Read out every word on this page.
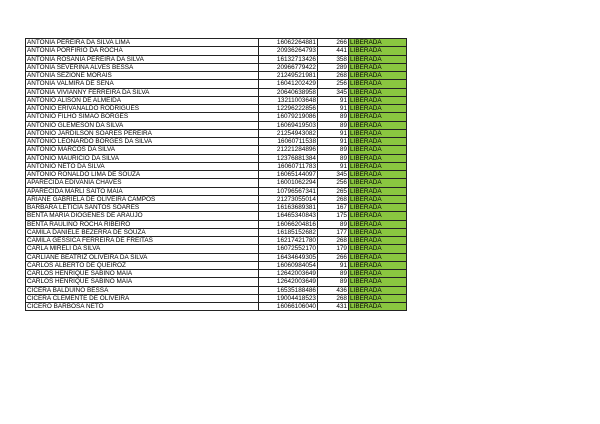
ANTONIA PEREIRA DA SILVA LIMA	16062264881	266	LIBERADA
ANTONIA PORFIRIO DA ROCHA	20936264793	441	LIBERADA
ANTONIA ROSANIA PEREIRA DA SILVA	16132713426	358	LIBERADA
ANTONIA SEVERINA ALVES BESSA	20966779422	289	LIBERADA
ANTONIA SEZIONE MORAIS	21249521981	268	LIBERADA
ANTONIA VALMIRA DE SENA	16041202429	256	LIBERADA
ANTONIA VIVIANNY FERREIRA DA SILVA	20640638958	345	LIBERADA
ANTONIO ALISON DE ALMEIDA	13211003648	91	LIBERADA
ANTONIO ERIVANALDO RODRIGUES	12296222856	91	LIBERADA
ANTONIO FILHO SIMAO BORGES	16079219086	89	LIBERADA
ANTONIO GLEMESON DA SILVA	16069419503	89	LIBERADA
ANTONIO JARDILSON SOARES PEREIRA	21254943082	91	LIBERADA
ANTONIO LEONARDO BORGES DA SILVA	16060711538	91	LIBERADA
ANTONIO MARCOS DA SILVA	21221284896	89	LIBERADA
ANTONIO MAURICIO DA SILVA	12376881384	89	LIBERADA
ANTONIO NETO DA SILVA	16060711783	91	LIBERADA
ANTONIO RONALDO LIMA DE SOUZA	16065144097	345	LIBERADA
APARECIDA EDIVANIA CHAVES	16001062294	256	LIBERADA
APARECIDA MARLI SAITO MAIA	10796567341	265	LIBERADA
ARIANE GABRIELA DE OLIVEIRA CAMPOS	21273055014	268	LIBERADA
BARBARA LETICIA SANTOS SOARES	16163689381	167	LIBERADA
BENTA MARIA DIOGENES DE ARAUJO	16465340843	175	LIBERADA
BENTA RAULINO ROCHA RIBEIRO	16066204816	89	LIBERADA
CAMILA DANIELE BEZERRA DE SOUZA	16185152682	177	LIBERADA
CAMILA GESSICA FERREIRA DE FREITAS	16217421780	268	LIBERADA
CARLA MIRELI DA SILVA	16072552170	179	LIBERADA
CARLIANE BEATRIZ OLIVEIRA DA SILVA	16434649305	266	LIBERADA
CARLOS ALBERTO DE QUEIROZ	16060984054	91	LIBERADA
CARLOS HENRIQUE SABINO MAIA	12642003649	89	LIBERADA
CARLOS HENRIQUE SABINO MAIA	12642003649	89	LIBERADA
CICERA BALDUINO BESSA	16535188486	436	LIBERADA
CICERA CLEMENTE DE OLIVEIRA	19004418523	268	LIBERADA
CICERO BARBOSA NETO	16066106040	431	LIBERADA
